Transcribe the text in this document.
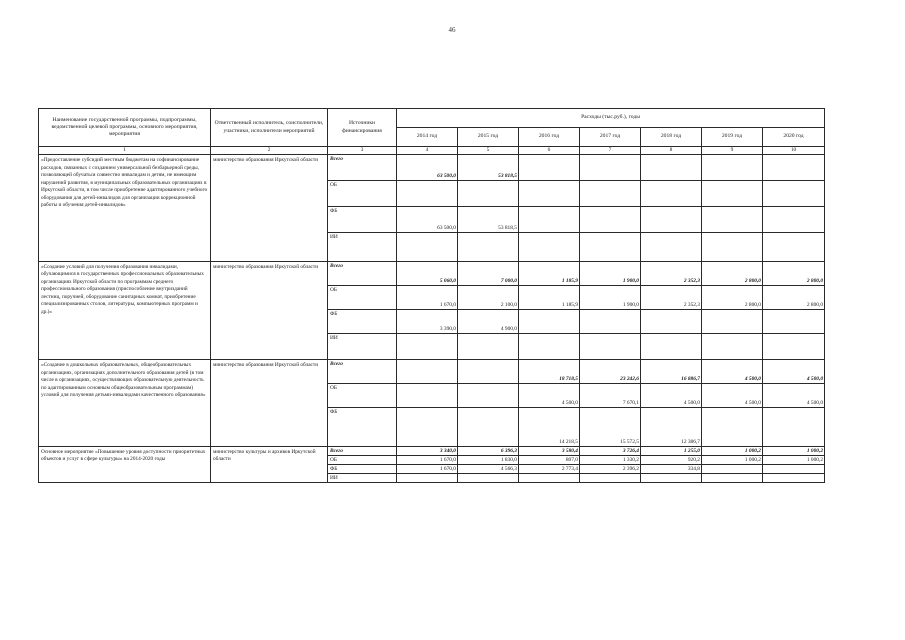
46
Наименование государственной программы, подпрограммы, ведомственной целевой программы, основного мероприятия, мероприятия	Ответственный исполнитель, соисполнители, участники, исполнители мероприятий	Источники финансирования	Расходы (тыс.руб.), годы						
			2014 год	2015 год	2016 год	2017 год	2018 год	2019 год	2020 год
1	2	3	4	5	6	7	8	9	10
«Предоставление субсидий местным бюджетам на софинансирование расходов, связанных с созданием универсальной безбарьерной среды, позволяющей обучаться совместно инвалидам и детям, не имеющим нарушений развития, в муниципальных образовательных организациях в Иркутской области, в том числе приобретение адаптированного учебного оборудования для детей-инвалидов для организации коррекционной работы и обучения детей-инвалидов»	министерство образования Иркутской области	Всего	63 500,0	53 818,5					
		ОБ							
		ФБ	63 500,0	53 818,5					
		ИИ							
«Создание условий для получения образования инвалидами, обучающимися в государственных профессиональных образовательных организациях Иркутской области по программам среднего профессионального образования (приспособление внутризданий лестниц, поручней, оборудование санитарных комнат, приобретение специализированных столов, литературы, компьютерных программ и др.)»	министерство образования Иркутской области	Всего	5 060,0	7 000,0	1 185,9	1 900,0	2 352,3	2 800,0	2 800,0
		ОБ	1 670,0	2 100,0	1 185,9	1 900,0	2 352,3	2 800,0	2 800,0
		ФБ	3 390,0	4 900,0					
		ИИ							
«Создание в дошкольных образовательных, общеобразовательных организациях, организациях дополнительного образования детей (в том числе в организациях, осуществляющих образовательную деятельность по адаптированным основным общеобразовательным программам) условий для получения детьми-инвалидами качественного образования»	министерство образования Иркутской области	Всего			18 718,5	23 242,6	16 886,7	4 500,0	4 500,0
		ОБ			4 500,0	7 670,1	4 500,0	4 500,0	4 500,0
		ФБ			14 218,5	15 572,5	12 386,7		
Основное мероприятие «Повышение уровня доступности приоритетных объектов и услуг в сфере культуры» на 2014-2020 годы	министерство культуры и архивов Иркутской области	Всего	3 340,0	6 396,3	3 580,4	3 726,4	1 255,0	1 000,2	1 000,2
		ОБ	1 670,0	1 830,0	807,0	1 330,2	920,2	1 000,2	1 000,2
		ФБ	1 670,0	4 566,3	2 773,4	2 396,2	334,8		
		ИИ							
